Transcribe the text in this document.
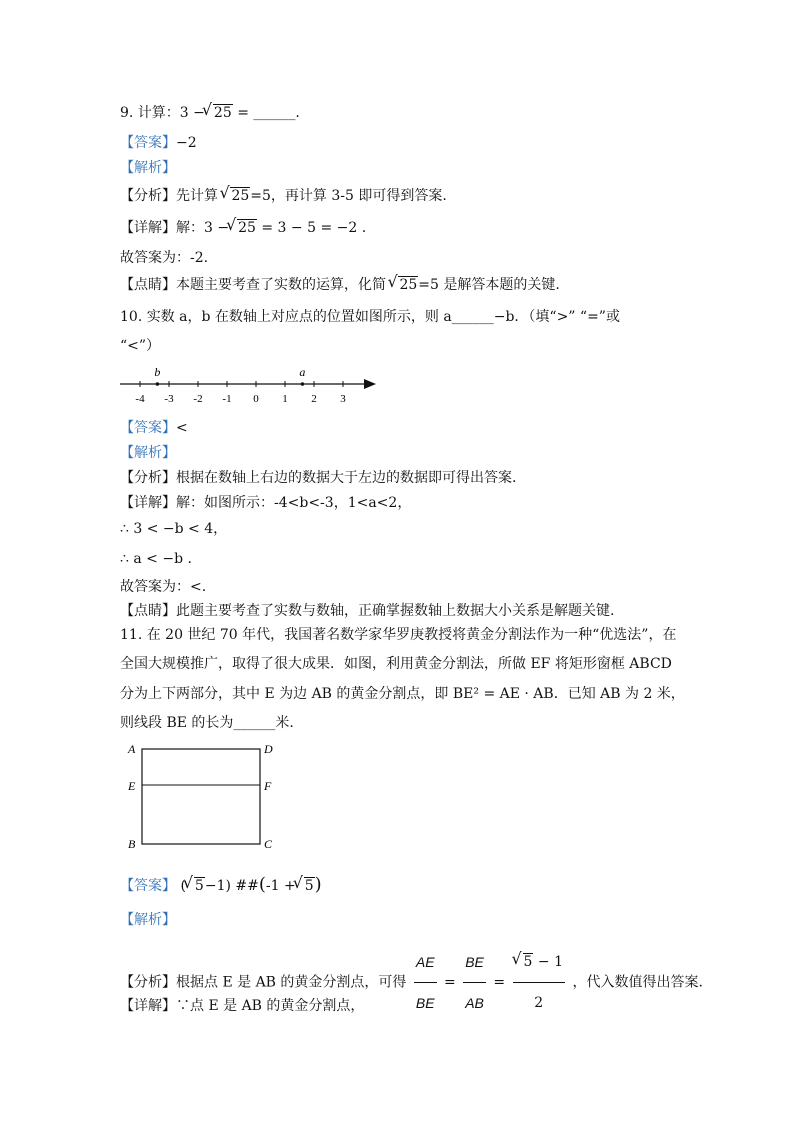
9. 计算：3 − √ 25 = ______.
【答案】−2
【解析】
【分析】先计算 √ 25=5，再计算 3-5 即可得到答案.
【详解】解：3 − √ 25 = 3 − 5 = −2 .
故答案为：-2.
【点睛】本题主要考查了实数的运算，化简 √ 25=5 是解答本题的关键.
10. 实数 a，b 在数轴上对应点的位置如图所示，则 a______−b．（填“>” “=”或
“<”）
-4 -3 -2 -1 0 1 2 3
b	a
【答案】<
【解析】
【分析】根据在数轴上右边的数据大于左边的数据即可得出答案.
【详解】解：如图所示：-4<b<-3，1<a<2，
∴ 3 < −b < 4，
∴ a < −b .
故答案为：<.
【点睛】此题主要考查了实数与数轴，正确掌握数轴上数据大小关系是解题关键.
11. 在 20 世纪 70 年代，我国著名数学家华罗庚教授将黄金分割法作为一种“优选法”，在
全国大规模推广，取得了很大成果．如图，利用黄金分割法，所做 EF 将矩形窗框 ABCD
分为上下两部分，其中 E 为边 AB 的黄金分割点，即 BE² = AE · AB．已知 AB 为 2 米，
则线段 BE 的长为______米.
A	D
E	F
B	C
【答案】 ( √ 5−1) ##(-1 + √ 5)
【解析】
【分析】根据点 E 是 AB 的黄金分割点，可得 $\frac{AE}{BE} = \frac{BE}{AB}$ = √ $\frac{5 - 1}{2}$ ，代入数值得出答案.
【详解】∵点 E 是 AB 的黄金分割点，
